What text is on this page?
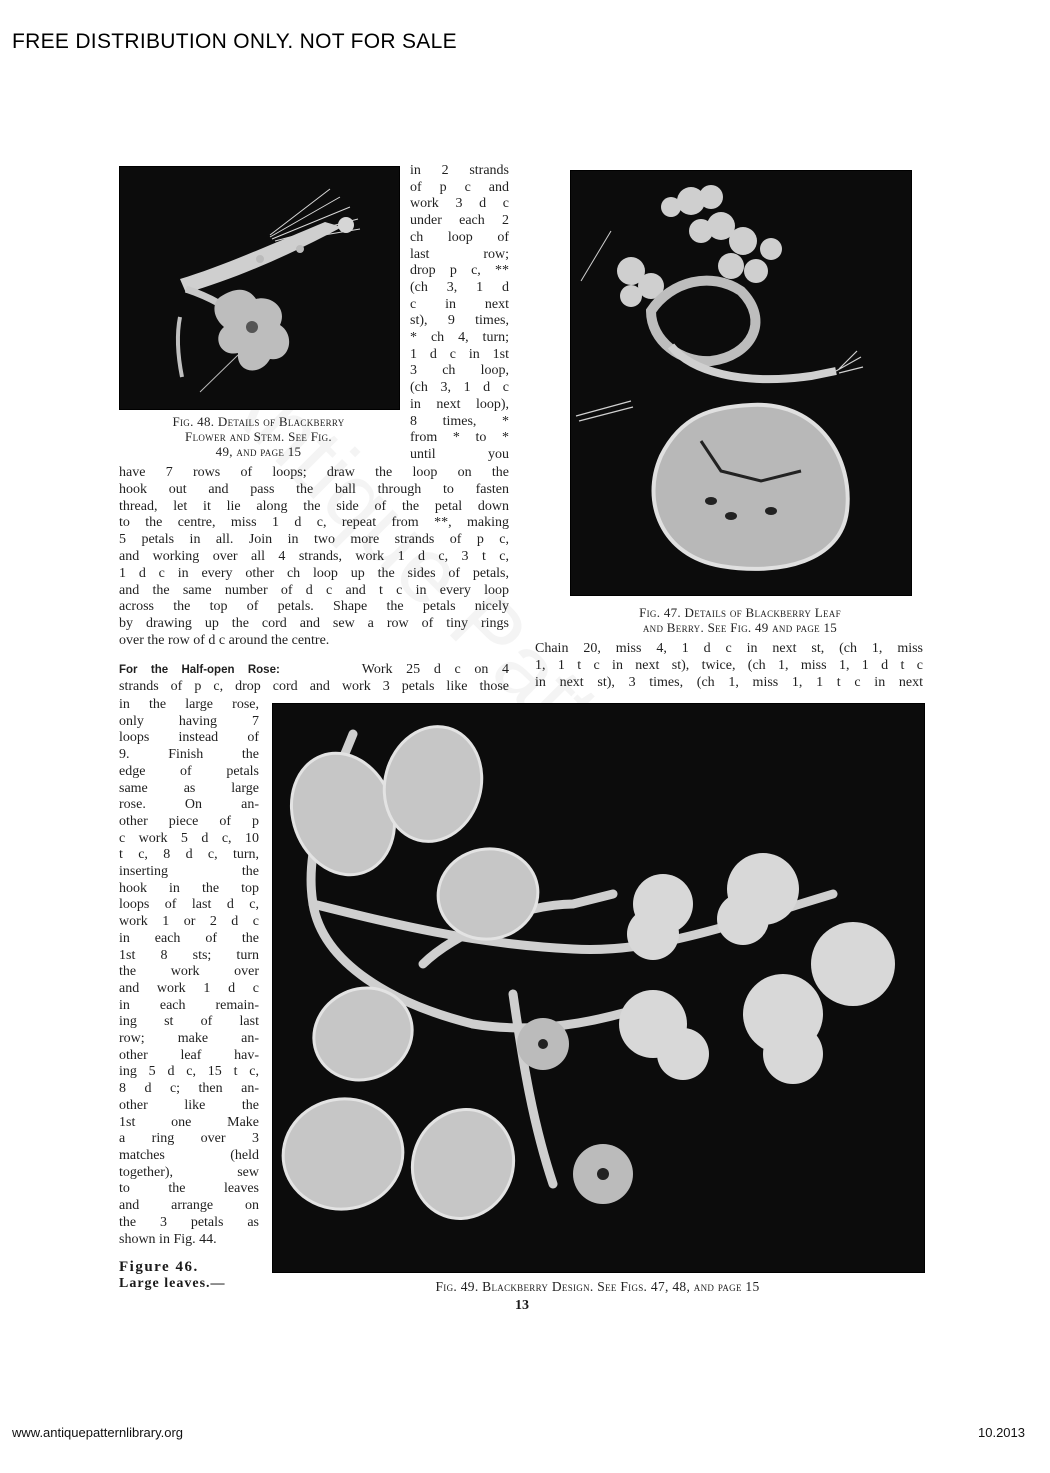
FREE DISTRIBUTION ONLY. NOT FOR SALE
Fig. 48. Details of Blackberry
Flower and Stem. See Fig.
49, and page 15
in 2 strands
of p c and
work 3 d c
under each 2
ch loop of
last row;
drop p c, **
(ch 3, 1 d
c in next
st), 9 times,
* ch 4, turn;
1 d c in 1st
3 ch loop,
(ch 3, 1 d c
in next loop),
8 times, *
from * to *
until you
have 7 rows of loops; draw the loop on the
hook out and pass the ball through to fasten
thread, let it lie along the side of the petal down
to the centre, miss 1 d c, repeat from **, making
5 petals in all. Join in two more strands of p c,
and working over all 4 strands, work 1 d c, 3 t c,
1 d c in every other ch loop up the sides of petals,
and the same number of d c and t c in every loop
across the top of petals. Shape the petals nicely
by drawing up the cord and sew a row of tiny rings
over the row of d c around the centre.
For the Half-open Rose:	Work 25 d c on 4
strands of p c, drop cord and work 3 petals like those
in the large rose,
only having 7
loops instead of
9. Finish the
edge of petals
same as large
rose. On an-
other piece of p
c work 5 d c, 10
t c, 8 d c, turn,
inserting the
hook in the top
loops of last d c,
work 1 or 2 d c
in each of the
1st 8 sts; turn
the work over
and work 1 d c
in each remain-
ing st of last
row; make an-
other leaf hav-
ing 5 d c, 15 t c,
8 d c; then an-
other like the
1st one Make
a ring over 3
matches (held
together), sew
to the leaves
and arrange on
the 3 petals as
shown in Fig. 44.
Figure 46.
Large leaves.—
Fig. 47. Details of Blackberry Leaf
and Berry. See Fig. 49 and page 15
Chain 20, miss 4, 1 d c in next st, (ch 1, miss
1, 1 t c in next st), twice, (ch 1, miss 1, 1 d t c
in next st), 3 times, (ch 1, miss 1, 1 t c in next
Fig. 49. Blackberry Design. See Figs. 47, 48, and page 15
13
www.antiquepatternlibrary.org	10.2013
